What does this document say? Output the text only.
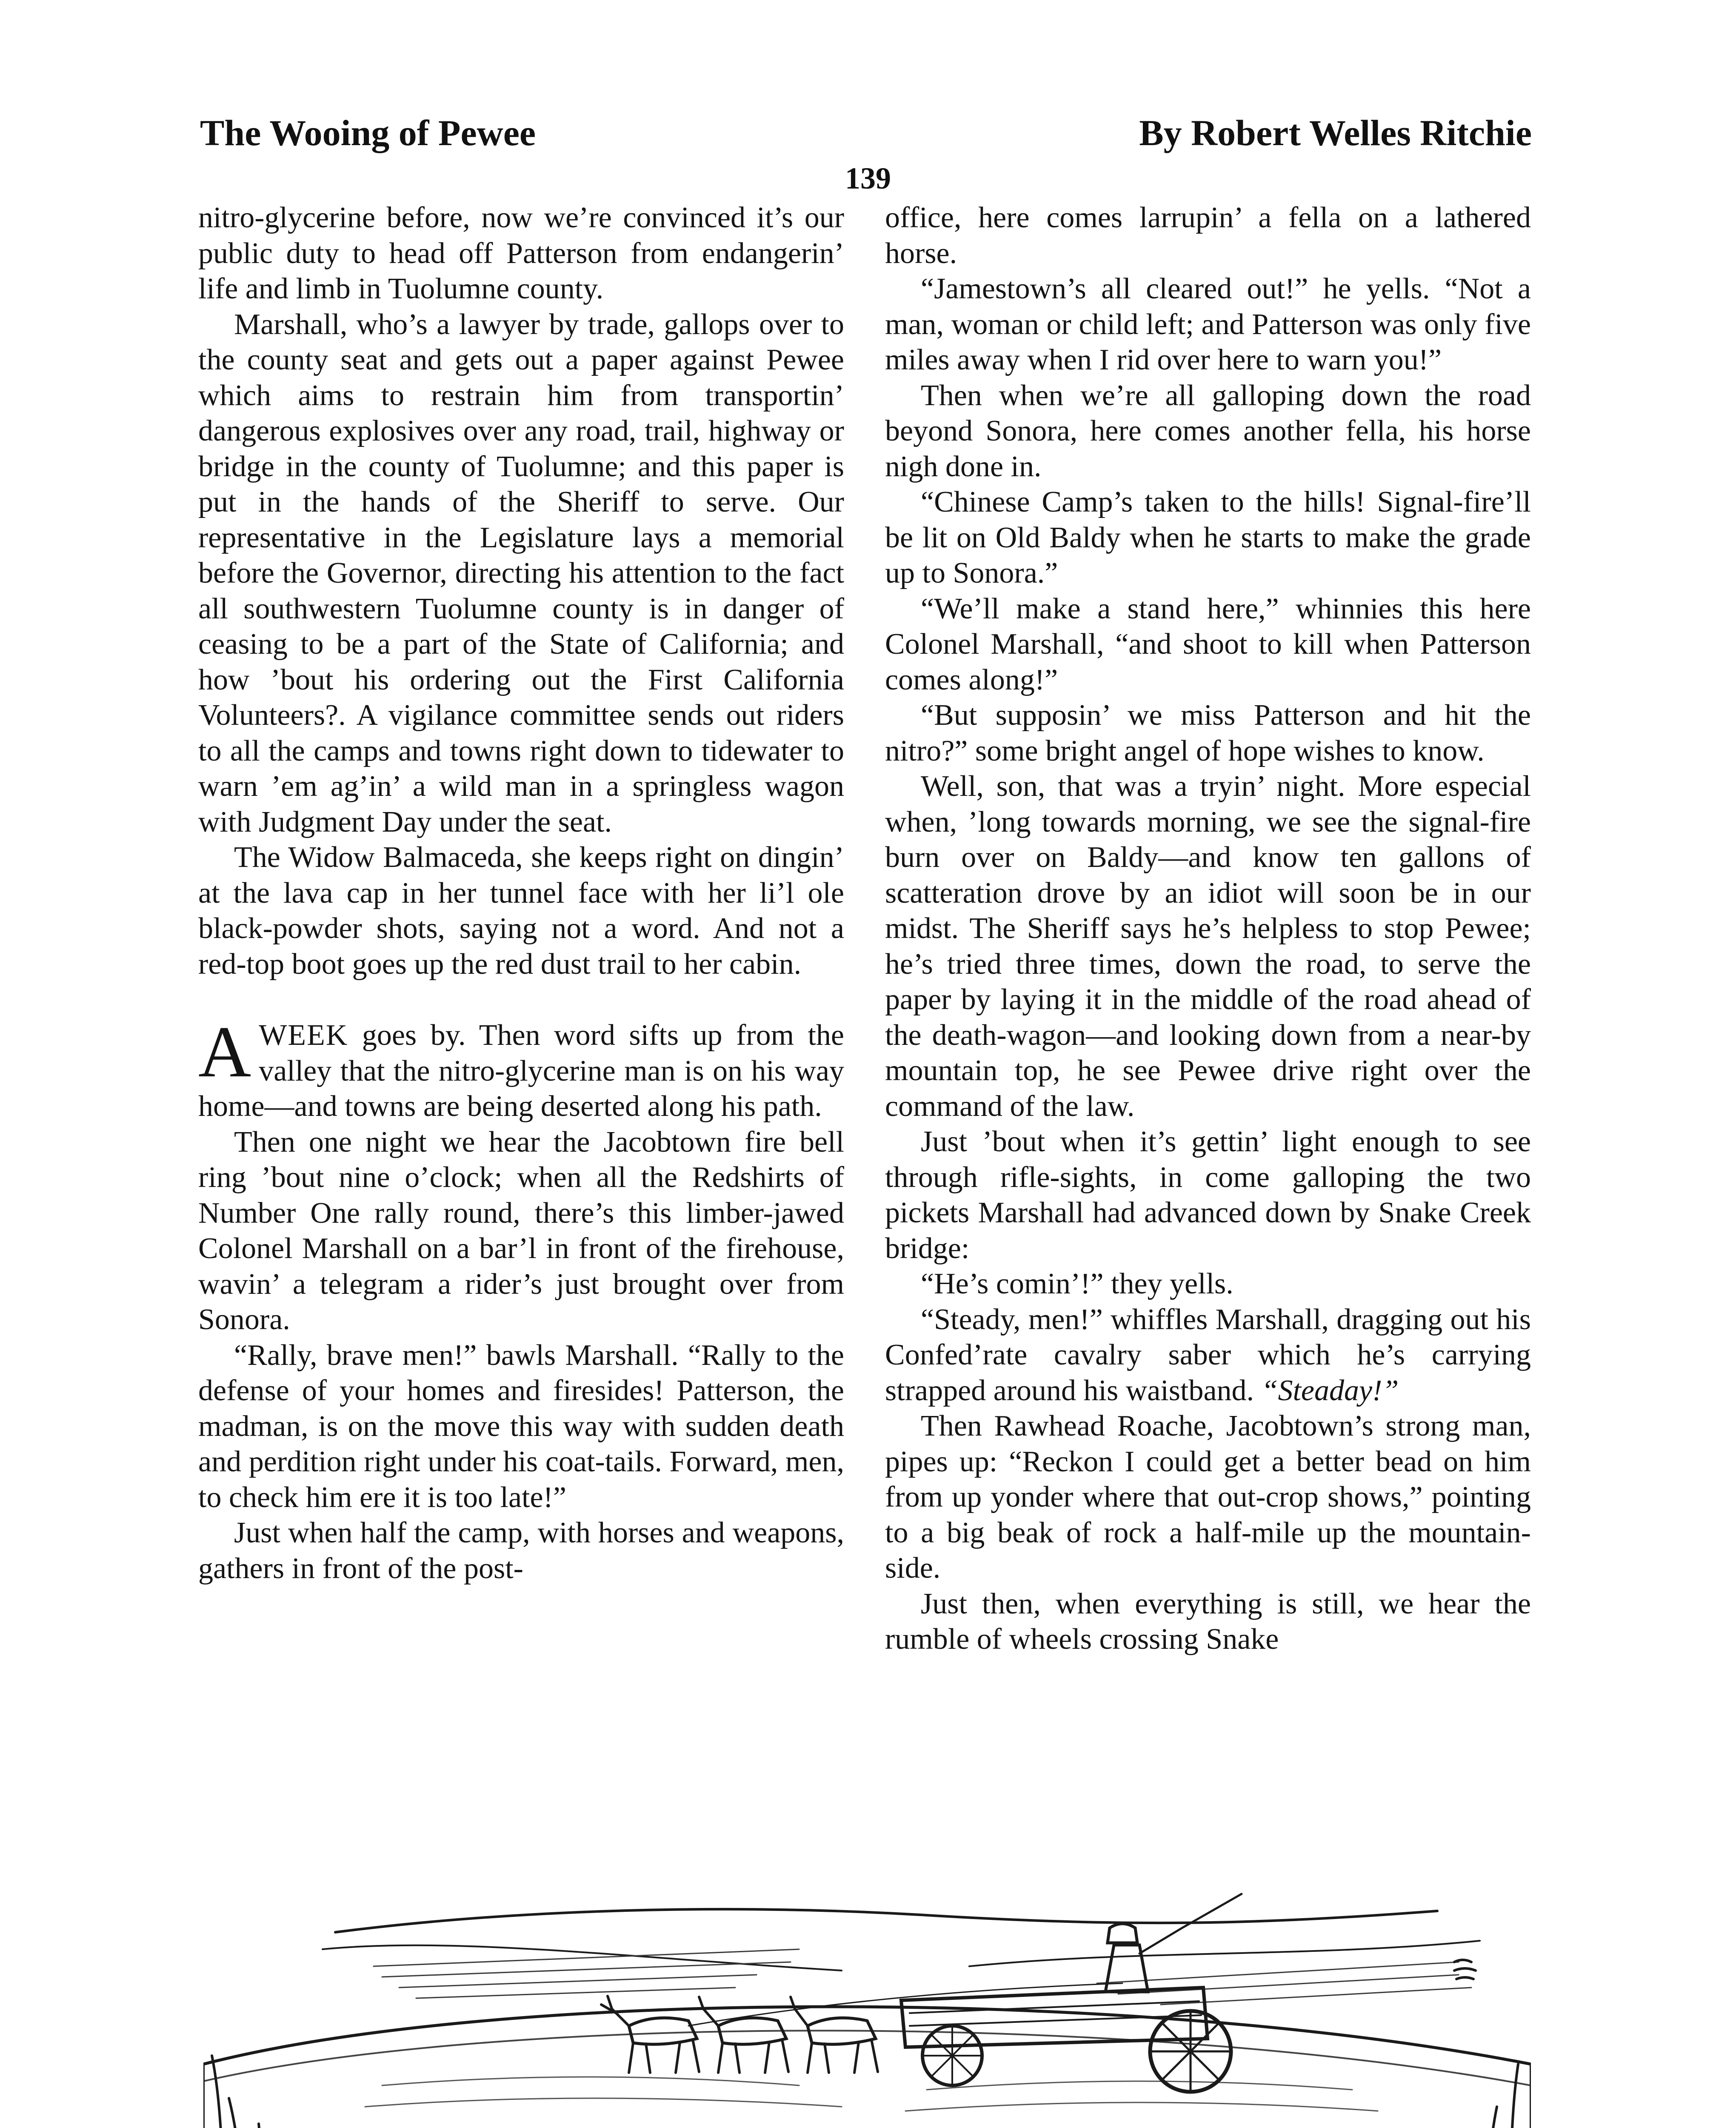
The Wooing of Pewee	By Robert Welles Ritchie
139

nitro-glycerine before, now we’re convinced it’s our public duty to head off Patterson from endangerin’ life and limb in Tuolumne county.

Marshall, who’s a lawyer by trade, gallops over to the county seat and gets out a paper against Pewee which aims to restrain him from transportin’ dangerous explosives over any road, trail, highway or bridge in the county of Tuolumne; and this paper is put in the hands of the Sheriff to serve. Our representative in the Legislature lays a memorial before the Governor, directing his attention to the fact all southwestern Tuolumne county is in danger of ceasing to be a part of the State of California; and how ’bout his ordering out the First California Volunteers?. A vigilance committee sends out riders to all the camps and towns right down to tidewater to warn ’em ag’in’ a wild man in a springless wagon with Judgment Day under the seat.

The Widow Balmaceda, she keeps right on dingin’ at the lava cap in her tunnel face with her li’l ole black-powder shots, saying not a word. And not a red-top boot goes up the red dust trail to her cabin.

AWEEK goes by. Then word sifts up from the valley that the nitro-glycerine man is on his way home—and towns are being deserted along his path.

Then one night we hear the Jacobtown fire bell ring ’bout nine o’clock; when all the Redshirts of Number One rally round, there’s this limber-jawed Colonel Marshall on a bar’l in front of the firehouse, wavin’ a telegram a rider’s just brought over from Sonora.

“Rally, brave men!” bawls Marshall. “Rally to the defense of your homes and firesides! Patterson, the madman, is on the move this way with sudden death and perdition right under his coat-tails. Forward, men, to check him ere it is too late!”

Just when half the camp, with horses and weapons, gathers in front of the post-

office, here comes larrupin’ a fella on a lathered horse.

“Jamestown’s all cleared out!” he yells. “Not a man, woman or child left; and Patterson was only five miles away when I rid over here to warn you!”

Then when we’re all galloping down the road beyond Sonora, here comes another fella, his horse nigh done in.

“Chinese Camp’s taken to the hills! Signal-fire’ll be lit on Old Baldy when he starts to make the grade up to Sonora.”

“We’ll make a stand here,” whinnies this here Colonel Marshall, “and shoot to kill when Patterson comes along!”

“But supposin’ we miss Patterson and hit the nitro?” some bright angel of hope wishes to know.

Well, son, that was a tryin’ night. More especial when, ’long towards morning, we see the signal-fire burn over on Baldy—and know ten gallons of scatteration drove by an idiot will soon be in our midst. The Sheriff says he’s helpless to stop Pewee; he’s tried three times, down the road, to serve the paper by laying it in the middle of the road ahead of the death-wagon—and looking down from a near-by mountain top, he see Pewee drive right over the command of the law.

Just ’bout when it’s gettin’ light enough to see through rifle-sights, in come galloping the two pickets Marshall had advanced down by Snake Creek bridge:

“He’s comin’!” they yells.

“Steady, men!” whiffles Marshall, dragging out his Confed’rate cavalry saber which he’s carrying strapped around his waistband. “Steaday!”

Then Rawhead Roache, Jacobtown’s strong man, pipes up: “Reckon I could get a better bead on him from up yonder where that out-crop shows,” pointing to a big beak of rock a half-mile up the mountain-side.

Just then, when everything is still, we hear the rumble of wheels crossing Snake
